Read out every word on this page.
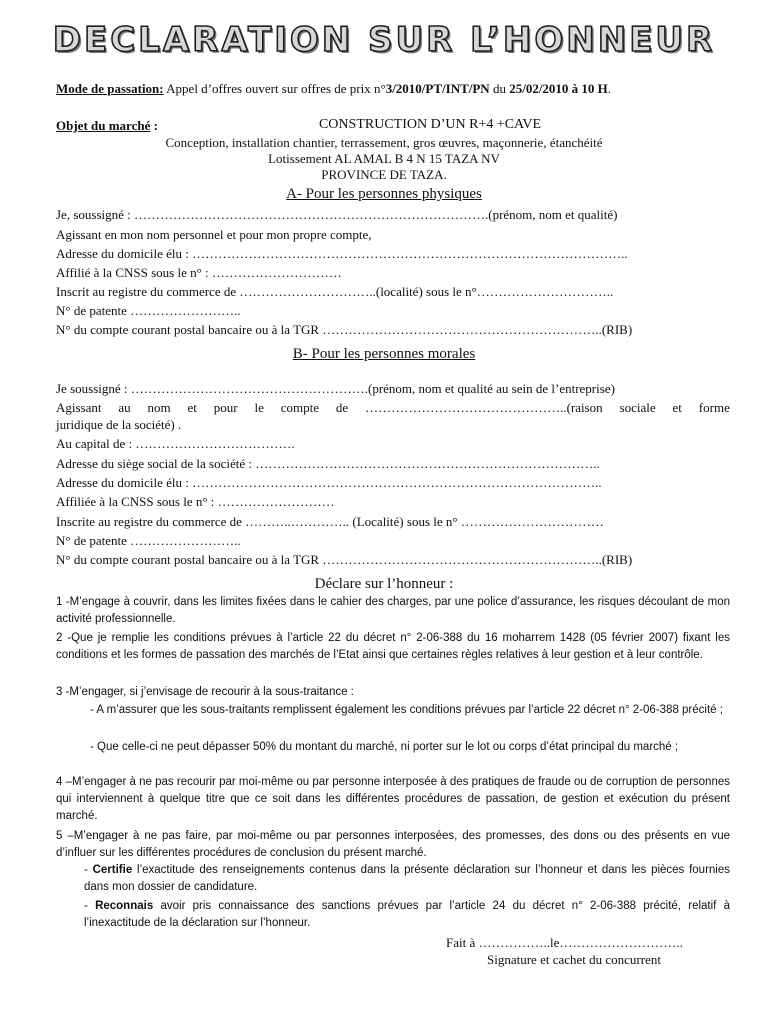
DECLARATION SUR L’HONNEUR
Mode de passation: Appel d’offres ouvert sur offres de prix n°3/2010/PT/INT/PN du 25/02/2010 à 10 H.
Objet du marché :	CONSTRUCTION D’UN R+4 +CAVE
Conception, installation chantier, terrassement, gros œuvres, maçonnerie, étanchéité
Lotissement AL AMAL B 4 N 15 TAZA NV
PROVINCE DE TAZA.
A- Pour les personnes physiques
Je, soussigné : ……………………………………………………………………….(prénom, nom et qualité)
Agissant en mon nom personnel et pour mon propre compte,
Adresse du domicile élu : ………………………………………………………………………………………..
Affilié à la CNSS sous le n° : …………………………
Inscrit au registre du commerce de …………………………..(localité) sous le n°…………………………..
N° de patente ……………………..
N° du compte courant postal bancaire ou à la TGR ………………………………………………………..(RIB)
B- Pour les personnes morales
Je soussigné : ……………………………………………….(prénom, nom et qualité au sein de l’entreprise)
Agissant au nom et pour le compte de ………………………………………..(raison sociale et forme
juridique de la société) .
Au capital de : ……………………………….
Adresse du siège social de la société : ……………………………………………………………………..
Adresse du domicile élu : …………………………………………………………………………………..
Affiliée à la CNSS sous le n° : ………………………
Inscrite au registre du commerce de ………..………….. (Localité) sous le n° ……………………………
N° de patente ……………………..
N° du compte courant postal bancaire ou à la TGR ………………………………………………………..(RIB)
Déclare sur l’honneur :
1 -M’engage à couvrir, dans les limites fixées dans le cahier des charges, par une police d’assurance, les risques découlant de mon activité professionnelle.
2 -Que je remplie les conditions prévues à l’article 22 du décret n° 2-06-388 du 16 moharrem 1428 (05 février 2007) fixant les conditions et les formes de passation des marchés de l’Etat ainsi que certaines règles relatives à leur gestion et à leur contrôle.
3 -M’engager, si j’envisage de recourir à la sous-traitance :
- A m’assurer que les sous-traitants remplissent également les conditions prévues par l’article 22 décret n° 2-06-388 précité ;
- Que celle-ci ne peut dépasser 50% du montant du marché, ni porter sur le lot ou corps d’état principal du marché ;
4 –M’engager à ne pas recourir par moi-même ou par personne interposée à des pratiques de fraude ou de corruption de personnes qui interviennent à quelque titre que ce soit dans les différentes procédures de passation, de gestion et exécution du présent marché.
5 –M’engager à ne pas faire, par moi-même ou par personnes interposées, des promesses, des dons ou des présents en vue d’influer sur les différentes procédures de conclusion du présent marché.
- Certifie l’exactitude des renseignements contenus dans la présente déclaration sur l’honneur et dans les pièces fournies dans mon dossier de candidature.
- Reconnais avoir pris connaissance des sanctions prévues par l’article 24 du décret n° 2-06-388 précité, relatif à l’inexactitude de la déclaration sur l’honneur.
Fait à ……………..le………………………..
Signature et cachet du concurrent
